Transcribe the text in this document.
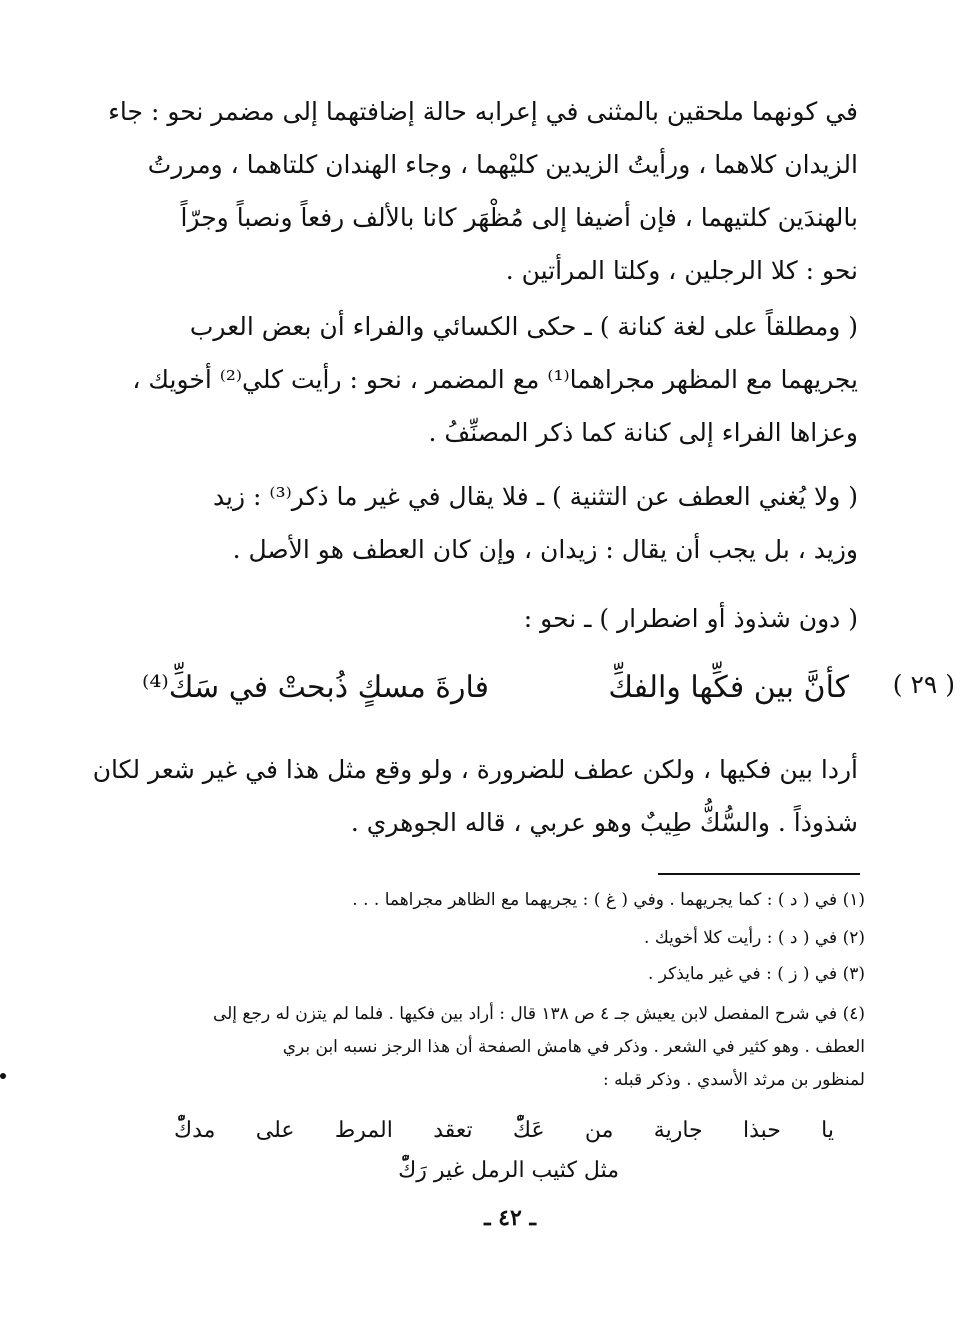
في كونهما ملحقين بالمثنى في إعرابه حالة إضافتهما إلى مضمر نحو : جاء
الزيدان كلاهما ، ورأيتُ الزيدين كليْهما ، وجاء الهندان كلتاهما ، ومررتُ
بالهندَين كلتيهما ، فإن أضيفا إلى مُظْهَر كانا بالألف رفعاً ونصباً وجرّاً
نحو : كلا الرجلين ، وكلتا المرأتين .
( ومطلقاً على لغة كنانة ) ـ حكى الكسائي والفراء أن بعض العرب
يجريهما مع المظهر مجراهما⁽¹⁾ مع المضمر ، نحو : رأيت كلي⁽²⁾ أخويك ،
وعزاها الفراء إلى كنانة كما ذكر المصنِّفُ .
( ولا يُغني العطف عن التثنية ) ـ فلا يقال في غير ما ذكر⁽³⁾ : زيد
وزيد ، بل يجب أن يقال : زيدان ، وإن كان العطف هو الأصل .
( دون شذوذ أو اضطرار ) ـ نحو :
( ٢٩ )
كأنَّ بين فكِّها والفكِّ
فارةَ مسكٍ ذُبحتْ في سَكِّ⁽⁴⁾
أردا بين فكيها ، ولكن عطف للضرورة ، ولو وقع مثل هذا في غير شعر لكان
شذوذاً . والسُّكُّ طِيبٌ وهو عربي ، قاله الجوهري .
(١) في ( د ) : كما يجريهما . وفي ( غ ) : يجريهما مع الظاهر مجراهما . . .
(٢) في ( د ) : رأيت كلا أخويك .
(٣) في ( ز ) : في غير مايذكر .
(٤) في شرح المفصل لابن يعيش جـ ٤ ص ١٣٨ قال : أراد بين فكيها . فلما لم يتزن له رجع إلى
العطف . وهو كثير في الشعر . وذكر في هامش الصفحة أن هذا الرجز نسبه ابن بري
لمنظور بن مرثد الأسدي . وذكر قبله :
يا حبذا جارية من عَكّْ تعقد المرط على مدكّْ
مثل كثيب الرمل غير رَكّْ
ـ ٤٢ ـ
